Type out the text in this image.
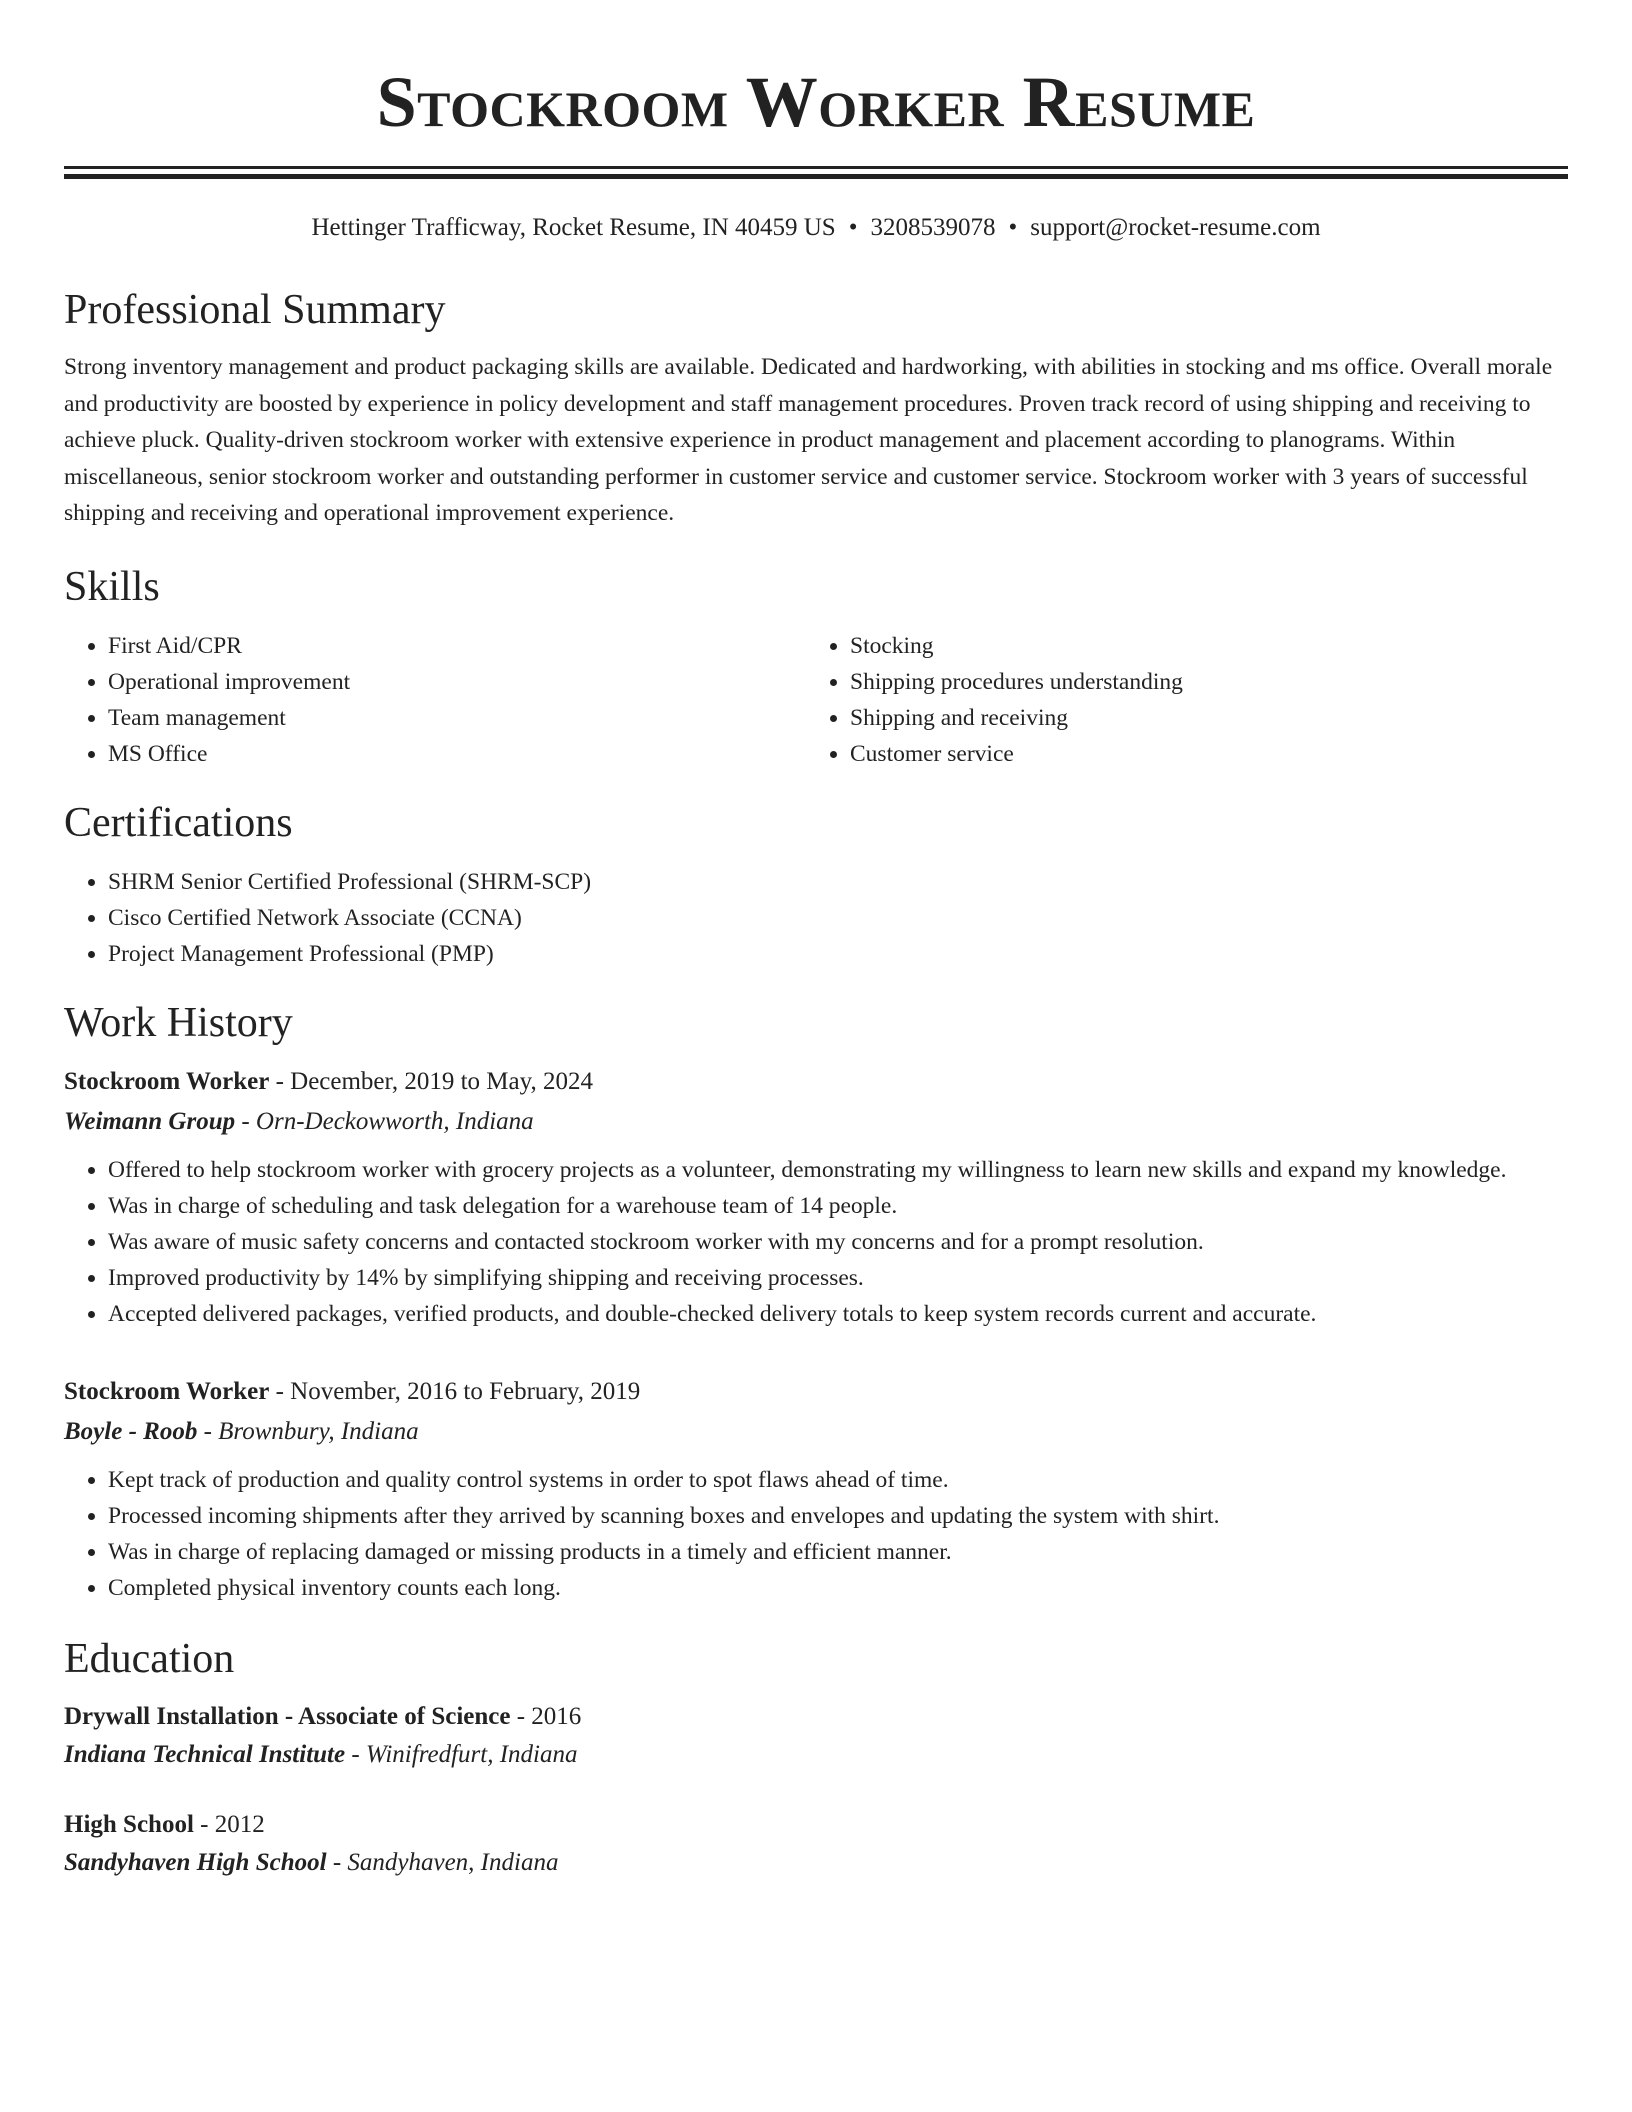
Stockroom Worker Resume
Hettinger Trafficway, Rocket Resume, IN 40459 US • 3208539078 • support@rocket-resume.com
Professional Summary

Strong inventory management and product packaging skills are available. Dedicated and hardworking, with abilities in stocking and ms office. Overall morale and productivity are boosted by experience in policy development and staff management procedures. Proven track record of using shipping and receiving to achieve pluck. Quality-driven stockroom worker with extensive experience in product management and placement according to planograms. Within miscellaneous, senior stockroom worker and outstanding performer in customer service and customer service. Stockroom worker with 3 years of successful shipping and receiving and operational improvement experience.

Skills
• First Aid/CPR
• Operational improvement
• Team management
• MS Office
• Stocking
• Shipping procedures understanding
• Shipping and receiving
• Customer service
Certifications
• SHRM Senior Certified Professional (SHRM-SCP)
• Cisco Certified Network Associate (CCNA)
• Project Management Professional (PMP)
Work History
Stockroom Worker - December, 2019 to May, 2024
Weimann Group - Orn-Deckowworth, Indiana
• Offered to help stockroom worker with grocery projects as a volunteer, demonstrating my willingness to learn new skills and expand my knowledge.
• Was in charge of scheduling and task delegation for a warehouse team of 14 people.
• Was aware of music safety concerns and contacted stockroom worker with my concerns and for a prompt resolution.
• Improved productivity by 14% by simplifying shipping and receiving processes.
• Accepted delivered packages, verified products, and double-checked delivery totals to keep system records current and accurate.
Stockroom Worker - November, 2016 to February, 2019
Boyle - Roob - Brownbury, Indiana
• Kept track of production and quality control systems in order to spot flaws ahead of time.
• Processed incoming shipments after they arrived by scanning boxes and envelopes and updating the system with shirt.
• Was in charge of replacing damaged or missing products in a timely and efficient manner.
• Completed physical inventory counts each long.
Education
Drywall Installation - Associate of Science - 2016
Indiana Technical Institute - Winifredfurt, Indiana
High School - 2012
Sandyhaven High School - Sandyhaven, Indiana
